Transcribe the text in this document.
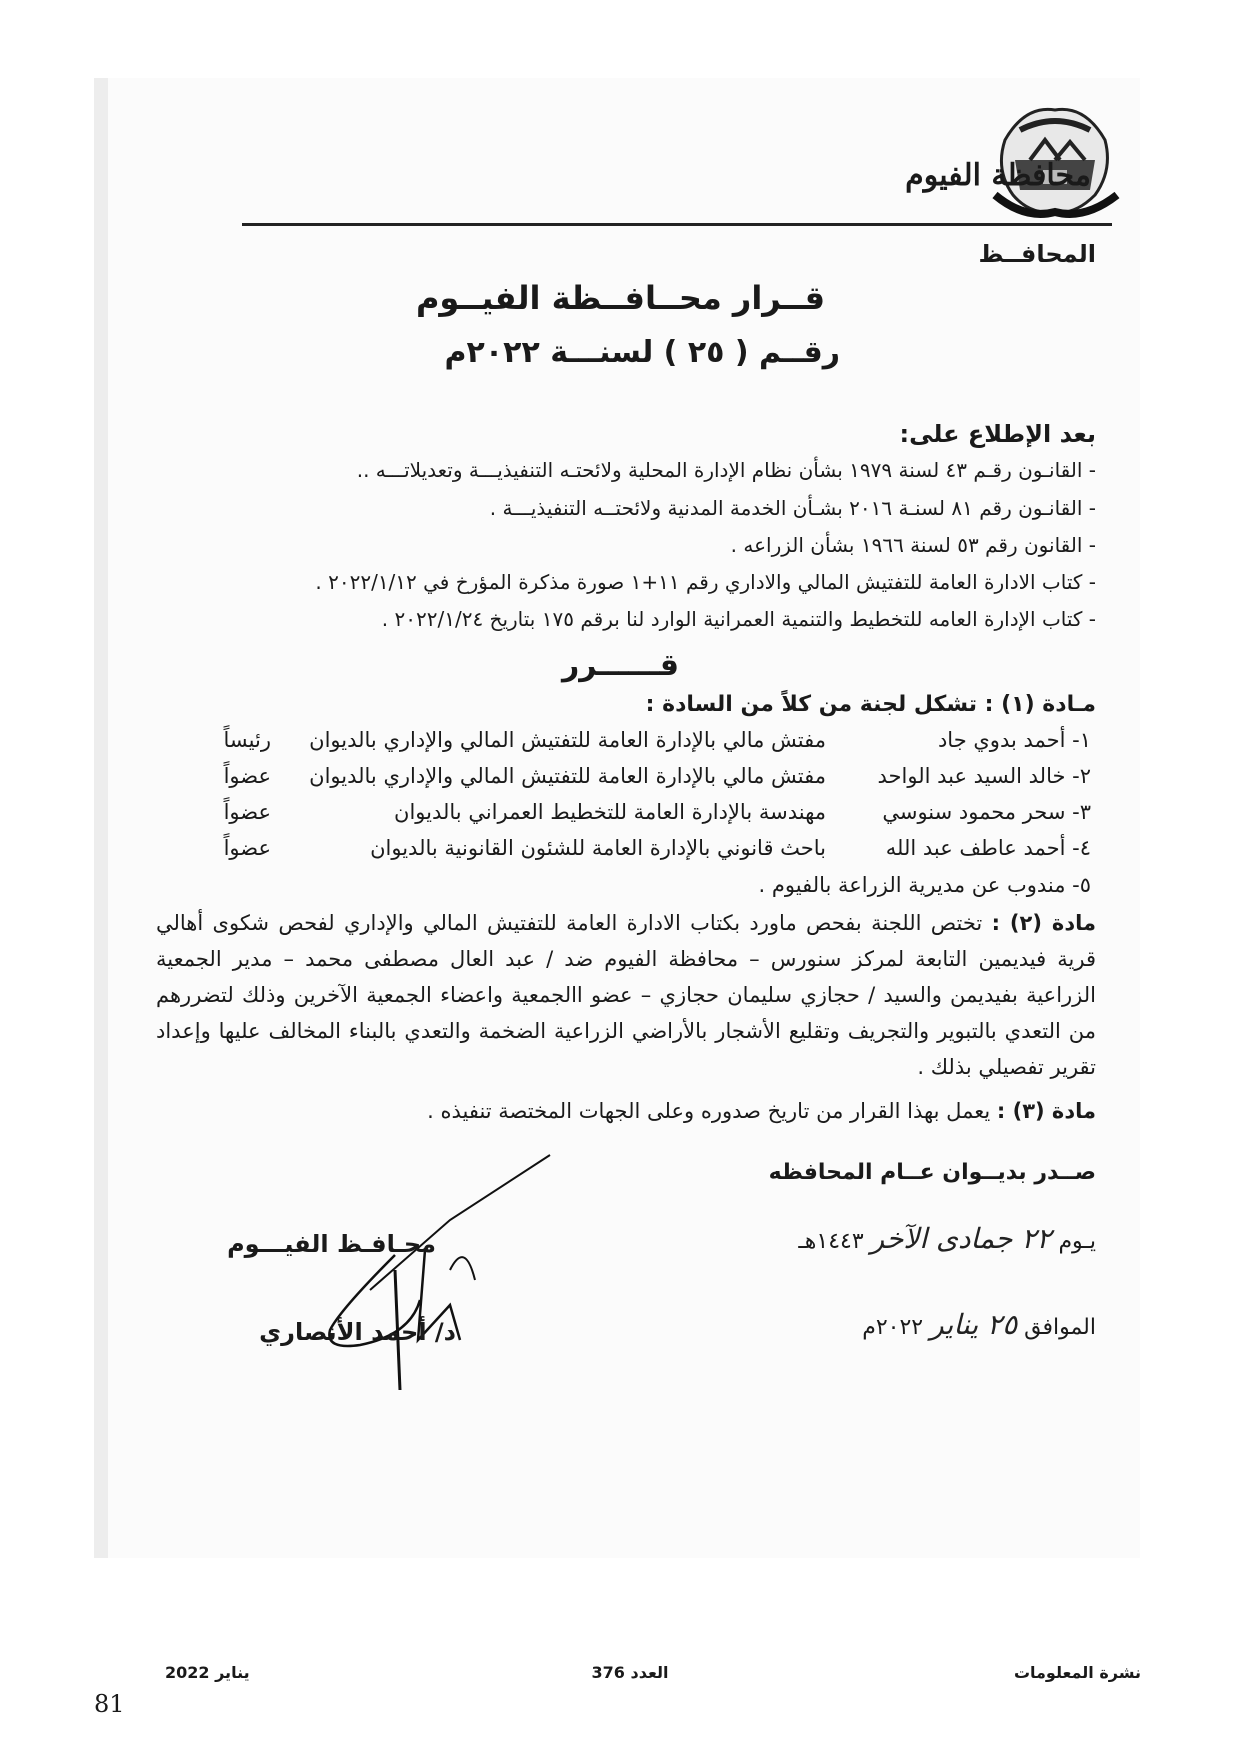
محافظة الفيوم
المحافــظ
قــرار محــافــظة الفيــوم
رقــم ( ٢٥ ) لسنـــة ٢٠٢٢م
بعد الإطلاع على:
- القانـون رقـم ٤٣ لسنة ١٩٧٩ بشأن نظام الإدارة المحلية ولائحتـه التنفيذيـــة وتعديلاتـــه ..
- القانـون رقم ٨١ لسنـة ٢٠١٦ بشـأن الخدمة المدنية ولائحتــه التنفيذيـــة .
- القانون رقم ٥٣ لسنة ١٩٦٦ بشأن الزراعه .
- كتاب الادارة العامة للتفتيش المالي والاداري رقم ١١+١ صورة مذكرة المؤرخ في ٢٠٢٢/١/١٢ .
- كتاب الإدارة العامه للتخطيط والتنمية العمرانية الوارد لنا برقم ١٧٥ بتاريخ ٢٠٢٢/١/٢٤ .
قــــــرر
مـادة (١) : تشكل لجنة من كلاً من السادة :
١- أحمد بدوي جاد
مفتش مالي بالإدارة العامة للتفتيش المالي والإداري بالديوان
رئيساً
٢- خالد السيد عبد الواحد
مفتش مالي بالإدارة العامة للتفتيش المالي والإداري بالديوان
عضواً
٣- سحر محمود سنوسي
مهندسة بالإدارة العامة للتخطيط العمراني بالديوان
عضواً
٤- أحمد عاطف عبد الله
باحث قانوني بالإدارة العامة للشئون القانونية بالديوان
عضواً
٥- مندوب عن مديرية الزراعة بالفيوم .
مادة (٢) : تختص اللجنة بفحص ماورد بكتاب الادارة العامة للتفتيش المالي والإداري لفحص شكوى أهالي قرية فيديمين التابعة لمركز سنورس – محافظة الفيوم ضد / عبد العال مصطفى محمد – مدير الجمعية الزراعية بفيديمن والسيد / حجازي سليمان حجازي – عضو االجمعية واعضاء الجمعية الآخرين وذلك لتضررهم من التعدي بالتبوير والتجريف وتقليع الأشجار بالأراضي الزراعية الضخمة والتعدي بالبناء المخالف عليها وإعداد تقرير تفصيلي بذلك .
مادة (٣) : يعمل بهذا القرار من تاريخ صدوره وعلى الجهات المختصة تنفيذه .
صــدر بديــوان عــام المحافظه
يـوم ٢٢ جمادى الآخر ١٤٤٣هـ
الموافق ٢٥ يناير ٢٠٢٢م
محـافـظ الفيـــوم
د/ أحمد الأنصاري
نشرة المعلومات
العدد 376
يناير 2022
81
